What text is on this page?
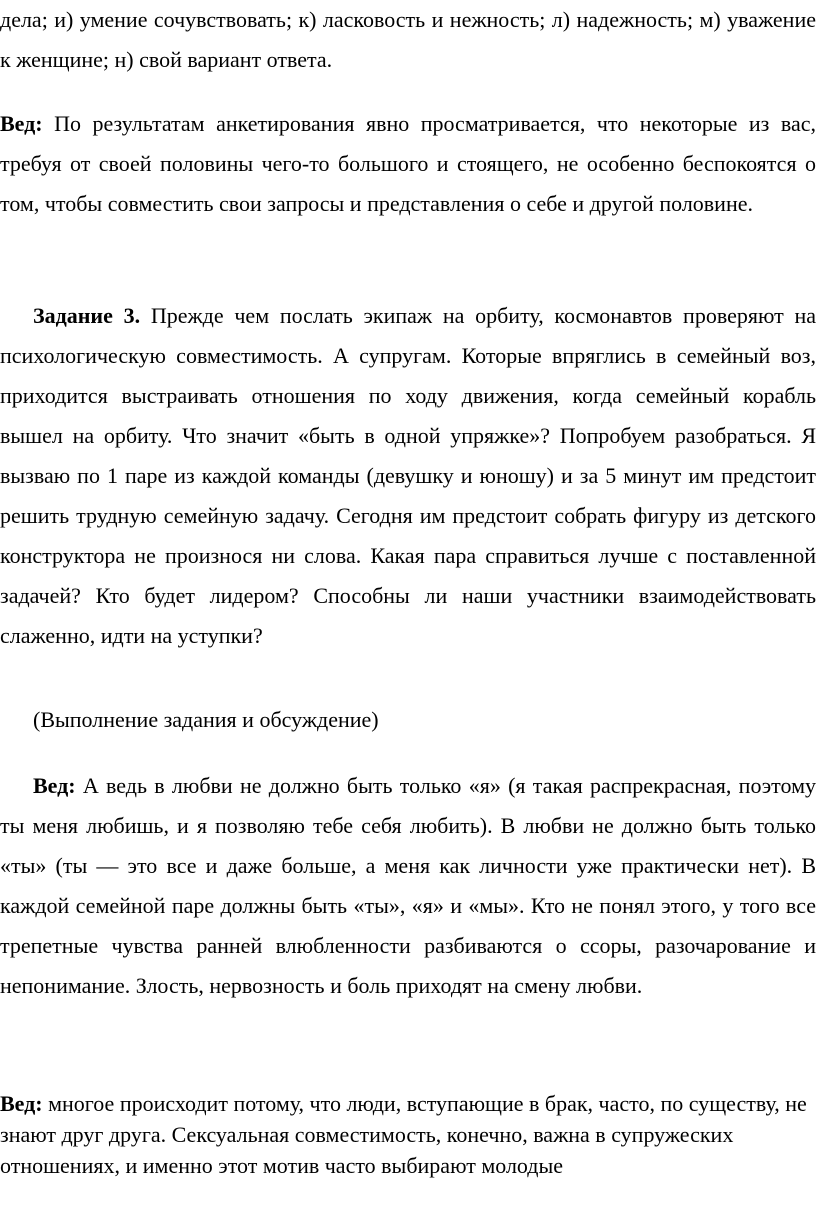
дела; и) умение сочувствовать; к) ласковость и нежность; л) надежность; м) уважение к женщине; н) свой вариант ответа.

Вед: По результатам анкетирования явно просматривается, что некоторые из вас, требуя от своей половины чего-то большого и стоящего, не особенно беспокоятся о том, чтобы совместить свои запросы и представления о себе и другой половине.

Задание 3. Прежде чем послать экипаж на орбиту, космонавтов проверяют на психологическую совместимость. А супругам. Которые впряглись в семейный воз, приходится выстраивать отношения по ходу движения, когда семейный корабль вышел на орбиту. Что значит «быть в одной упряжке»? Попробуем разобраться. Я вызваю по 1 паре из каждой команды (девушку и юношу) и за 5 минут им предстоит решить трудную семейную задачу. Сегодня им предстоит собрать фигуру из детского конструктора не произнося ни слова. Какая пара справиться лучше с поставленной задачей? Кто будет лидером? Способны ли наши участники взаимодействовать слаженно, идти на уступки?

(Выполнение задания и обсуждение)

Вед: А ведь в любви не должно быть только «я» (я такая распрекрасная, поэтому ты меня любишь, и я позволяю тебе себя любить). В любви не должно быть только «ты» (ты — это все и даже больше, а меня как личности уже практически нет). В каждой семейной паре должны быть «ты», «я» и «мы». Кто не понял этого, у того все трепетные чувства ранней влюбленности разбиваются о ссоры, разочарование и непонимание. Злость, нервозность и боль приходят на смену любви.

Вед: многое происходит потому, что люди, вступающие в брак, часто, по существу, не знают друг друга. Сексуальная совместимость, конечно, важна в супружеских отношениях, и именно этот мотив часто выбирают молодые
